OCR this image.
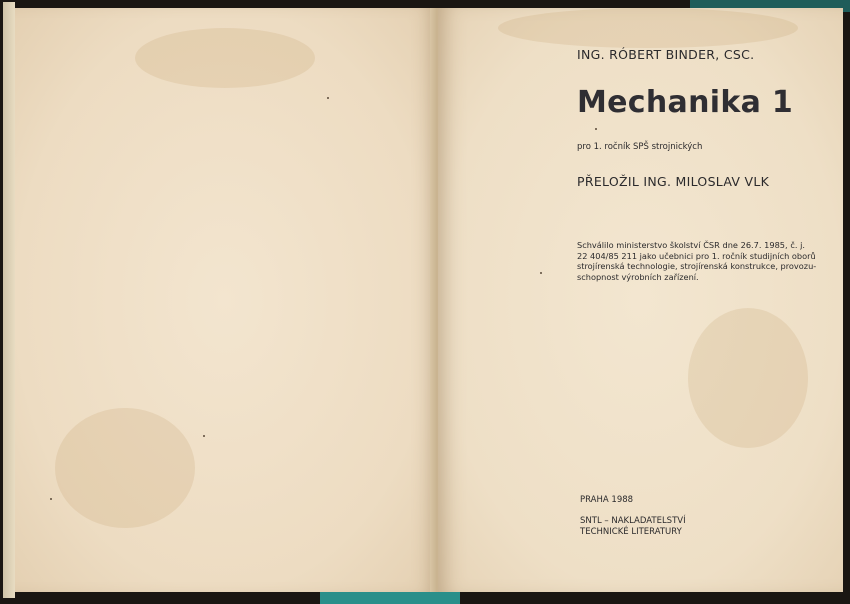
ING. RÓBERT BINDER, CSC.
Mechanika 1
pro 1. ročník SPŠ strojnických
PŘELOŽIL ING. MILOSLAV VLK
Schválilo ministerstvo školství ČSR dne 26.7. 1985, č. j.
22 404/85 211 jako učebnici pro 1. ročník studijních oborů
strojírenská technologie, strojírenská konstrukce, provozu-
schopnost výrobních zařízení.
PRAHA 1988
SNTL – NAKLADATELSTVÍ
TECHNICKÉ LITERATURY
